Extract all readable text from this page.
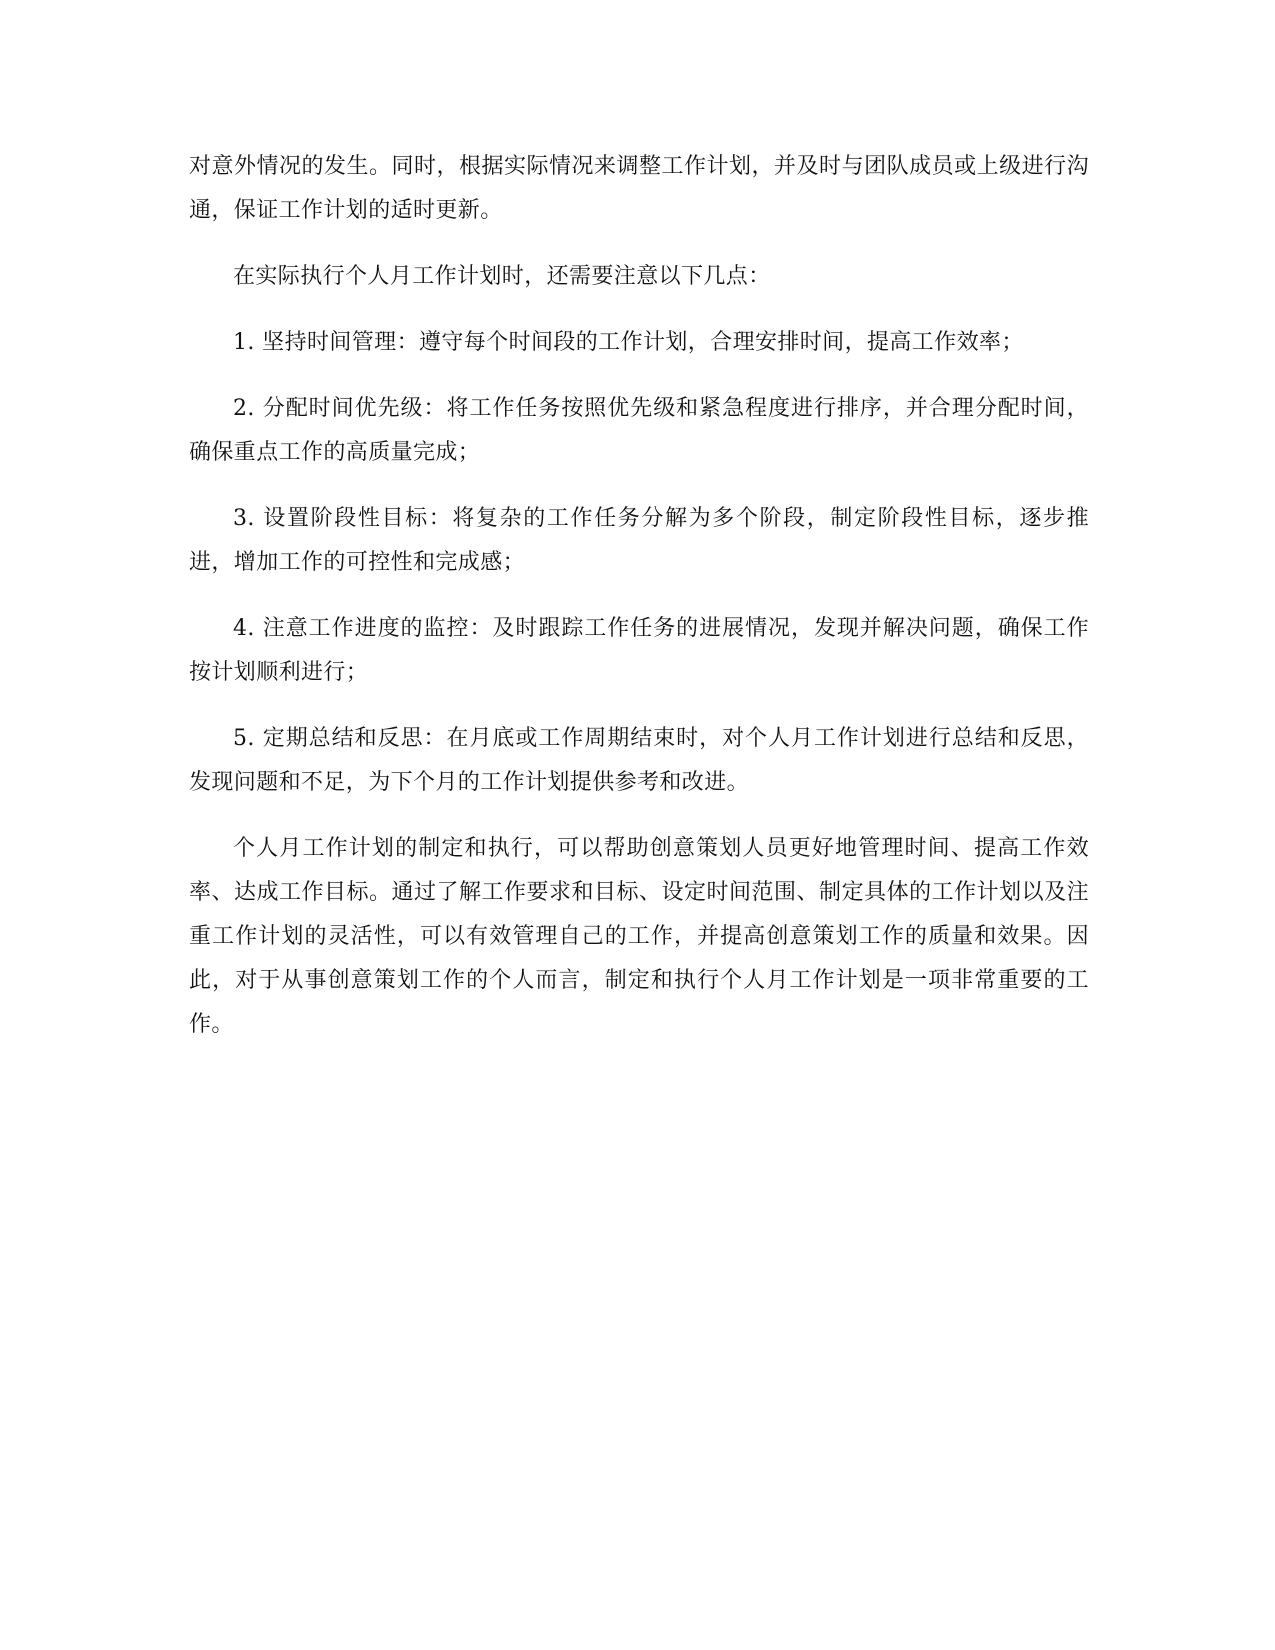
对意外情况的发生。同时，根据实际情况来调整工作计划，并及时与团队成员或上级进行沟通，保证工作计划的适时更新。

在实际执行个人月工作计划时，还需要注意以下几点：

1. 坚持时间管理：遵守每个时间段的工作计划，合理安排时间，提高工作效率；

2. 分配时间优先级：将工作任务按照优先级和紧急程度进行排序，并合理分配时间，确保重点工作的高质量完成；

3. 设置阶段性目标：将复杂的工作任务分解为多个阶段，制定阶段性目标，逐步推进，增加工作的可控性和完成感；

4. 注意工作进度的监控：及时跟踪工作任务的进展情况，发现并解决问题，确保工作按计划顺利进行；

5. 定期总结和反思：在月底或工作周期结束时，对个人月工作计划进行总结和反思，发现问题和不足，为下个月的工作计划提供参考和改进。

个人月工作计划的制定和执行，可以帮助创意策划人员更好地管理时间、提高工作效率、达成工作目标。通过了解工作要求和目标、设定时间范围、制定具体的工作计划以及注重工作计划的灵活性，可以有效管理自己的工作，并提高创意策划工作的质量和效果。因此，对于从事创意策划工作的个人而言，制定和执行个人月工作计划是一项非常重要的工作。
